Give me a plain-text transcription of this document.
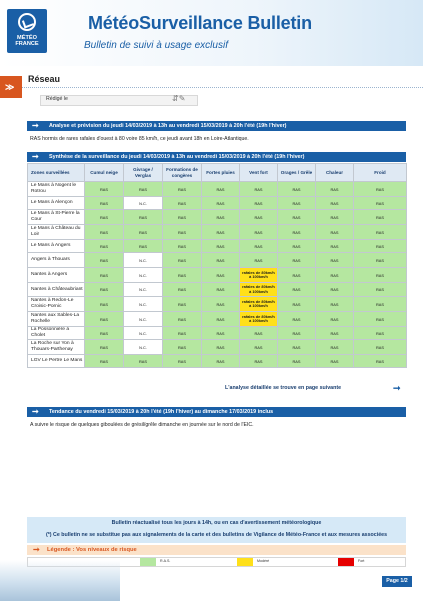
MÉTÉO FRANCE
MétéoSurveillance Bulletin
Bulletin de suivi à usage exclusif
≫
Réseau
Rédigé le	⇵✎
➞ Analyse et prévision du jeudi 14/03/2019 à 13h au vendredi 15/03/2019 à 20h l'été (19h l'hiver)
RAS hormis de rares rafales d'ouest à 80 voire 85 km/h, ce jeudi avant 18h en Loire-Atlantique.
➞ Synthèse de la surveillance du jeudi 14/03/2019 à 13h au vendredi 15/03/2019 à 20h l'été (19h l'hiver)
Zones surveillées	Cumul neige	Givrage / Verglas	Formations de congères	Fortes pluies	Vent fort	Orages / Grêle	Chaleur	Froid
Le Mans à Nogent le Rotrou	RAS	RAS	RAS	RAS	RAS	RAS	RAS	RAS
Le Mans à Alençon	RAS	N.C.	RAS	RAS	RAS	RAS	RAS	RAS
Le Mans à St-Pierre la Cour	RAS	RAS	RAS	RAS	RAS	RAS	RAS	RAS
Le Mans à Château du Loir	RAS	RAS	RAS	RAS	RAS	RAS	RAS	RAS
Le Mans à Angers	RAS	RAS	RAS	RAS	RAS	RAS	RAS	RAS
Angers à Thouars	RAS	N.C.	RAS	RAS	RAS	RAS	RAS	RAS
Nantes à Angers	RAS	N.C.	RAS	RAS	rafales de 80km/h à 100km/h	RAS	RAS	RAS
Nantes à Châteaubriant	RAS	N.C.	RAS	RAS	rafales de 80km/h à 100km/h	RAS	RAS	RAS
Nantes à Redon-Le Croisic-Pornic	RAS	N.C.	RAS	RAS	rafales de 80km/h à 100km/h	RAS	RAS	RAS
Nantes aux Sables-La Rochelle	RAS	N.C.	RAS	RAS	rafales de 80km/h à 100km/h	RAS	RAS	RAS
La Possonnière à Cholet	RAS	N.C.	RAS	RAS	RAS	RAS	RAS	RAS
La Roche sur Yon à Thouars-Parthenay	RAS	N.C.	RAS	RAS	RAS	RAS	RAS	RAS
LGV Le Pertre Le Mans	RAS	RAS	RAS	RAS	RAS	RAS	RAS	RAS
L'analyse détaillée se trouve en page suivante	➞
➞ Tendance du vendredi 15/03/2019 à 20h l'été (19h l'hiver) au dimanche 17/03/2019 inclus
A suivre le risque de quelques giboulées de grésil/grêle dimanche en journée sur le nord de l'EIC.
Bulletin réactualisé tous les jours à 14h, ou en cas d'avertissement météorologique
(*) Ce bulletin ne se substitue pas aux signalements de la carte et des bulletins de Vigilance de Météo-France et aux mesures associées
➞ Légende : Vos niveaux de risque
R.A.S.	Modéré	Fort
Page 1/2
